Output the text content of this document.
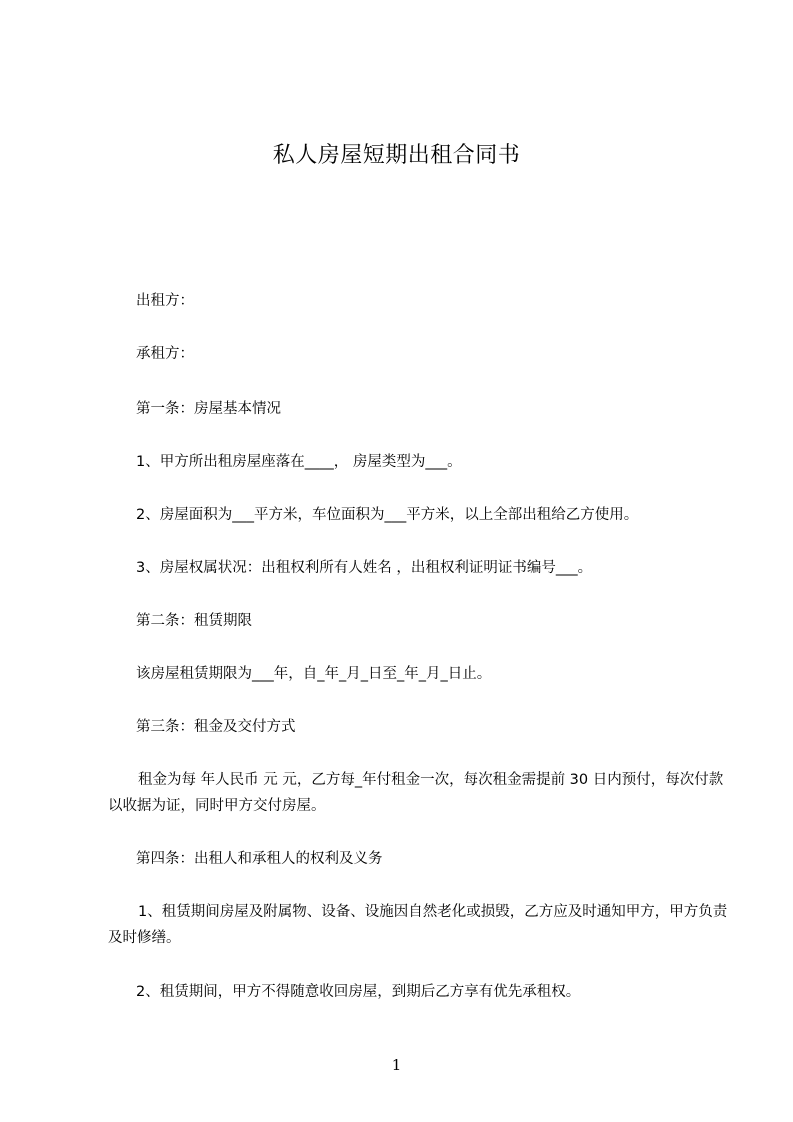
私人房屋短期出租合同书
出租方：
承租方：
第一条：房屋基本情况
1、甲方所出租房屋座落在____， 房屋类型为___。
2、房屋面积为___平方米，车位面积为___平方米，以上全部出租给乙方使用。
3、房屋权属状况：出租权利所有人姓名 ，出租权利证明证书编号___。
第二条：租赁期限
该房屋租赁期限为___年，自_年_月_日至_年_月_日止。
第三条：租金及交付方式
租金为每 年人民币 元 元，乙方每_年付租金一次，每次租金需提前 30 日内预付，每次付款以收据为证，同时甲方交付房屋。
第四条：出租人和承租人的权利及义务
1、租赁期间房屋及附属物、设备、设施因自然老化或损毁，乙方应及时通知甲方，甲方负责及时修缮。
2、租赁期间，甲方不得随意收回房屋，到期后乙方享有优先承租权。
1
